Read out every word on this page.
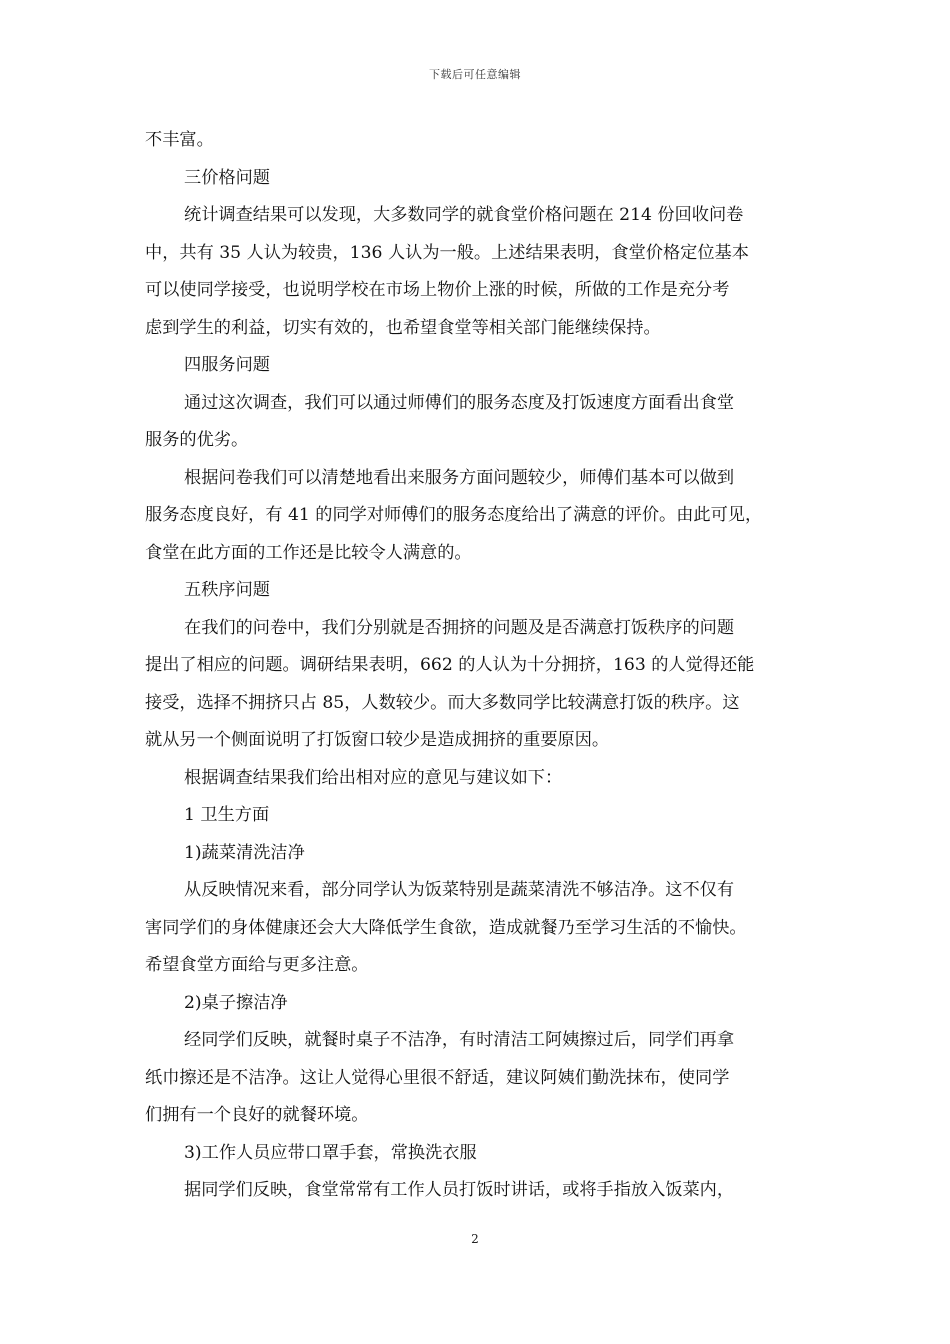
下载后可任意编辑

不丰富。

三价格问题

统计调查结果可以发现，大多数同学的就食堂价格问题在 214 份回收问卷

中，共有 35 人认为较贵，136 人认为一般。上述结果表明，食堂价格定位基本

可以使同学接受，也说明学校在市场上物价上涨的时候，所做的工作是充分考

虑到学生的利益，切实有效的，也希望食堂等相关部门能继续保持。

四服务问题

通过这次调查，我们可以通过师傅们的服务态度及打饭速度方面看出食堂

服务的优劣。

根据问卷我们可以清楚地看出来服务方面问题较少，师傅们基本可以做到

服务态度良好，有 41 的同学对师傅们的服务态度给出了满意的评价。由此可见，

食堂在此方面的工作还是比较令人满意的。

五秩序问题

在我们的问卷中，我们分别就是否拥挤的问题及是否满意打饭秩序的问题

提出了相应的问题。调研结果表明，662 的人认为十分拥挤，163 的人觉得还能

接受，选择不拥挤只占 85，人数较少。而大多数同学比较满意打饭的秩序。这

就从另一个侧面说明了打饭窗口较少是造成拥挤的重要原因。

根据调查结果我们给出相对应的意见与建议如下：

1 卫生方面

1)蔬菜清洗洁净

从反映情况来看，部分同学认为饭菜特别是蔬菜清洗不够洁净。这不仅有

害同学们的身体健康还会大大降低学生食欲，造成就餐乃至学习生活的不愉快。

希望食堂方面给与更多注意。

2)桌子擦洁净

经同学们反映，就餐时桌子不洁净，有时清洁工阿姨擦过后，同学们再拿

纸巾擦还是不洁净。这让人觉得心里很不舒适，建议阿姨们勤洗抹布，使同学

们拥有一个良好的就餐环境。

3)工作人员应带口罩手套，常换洗衣服

据同学们反映，食堂常常有工作人员打饭时讲话，或将手指放入饭菜内，

2
